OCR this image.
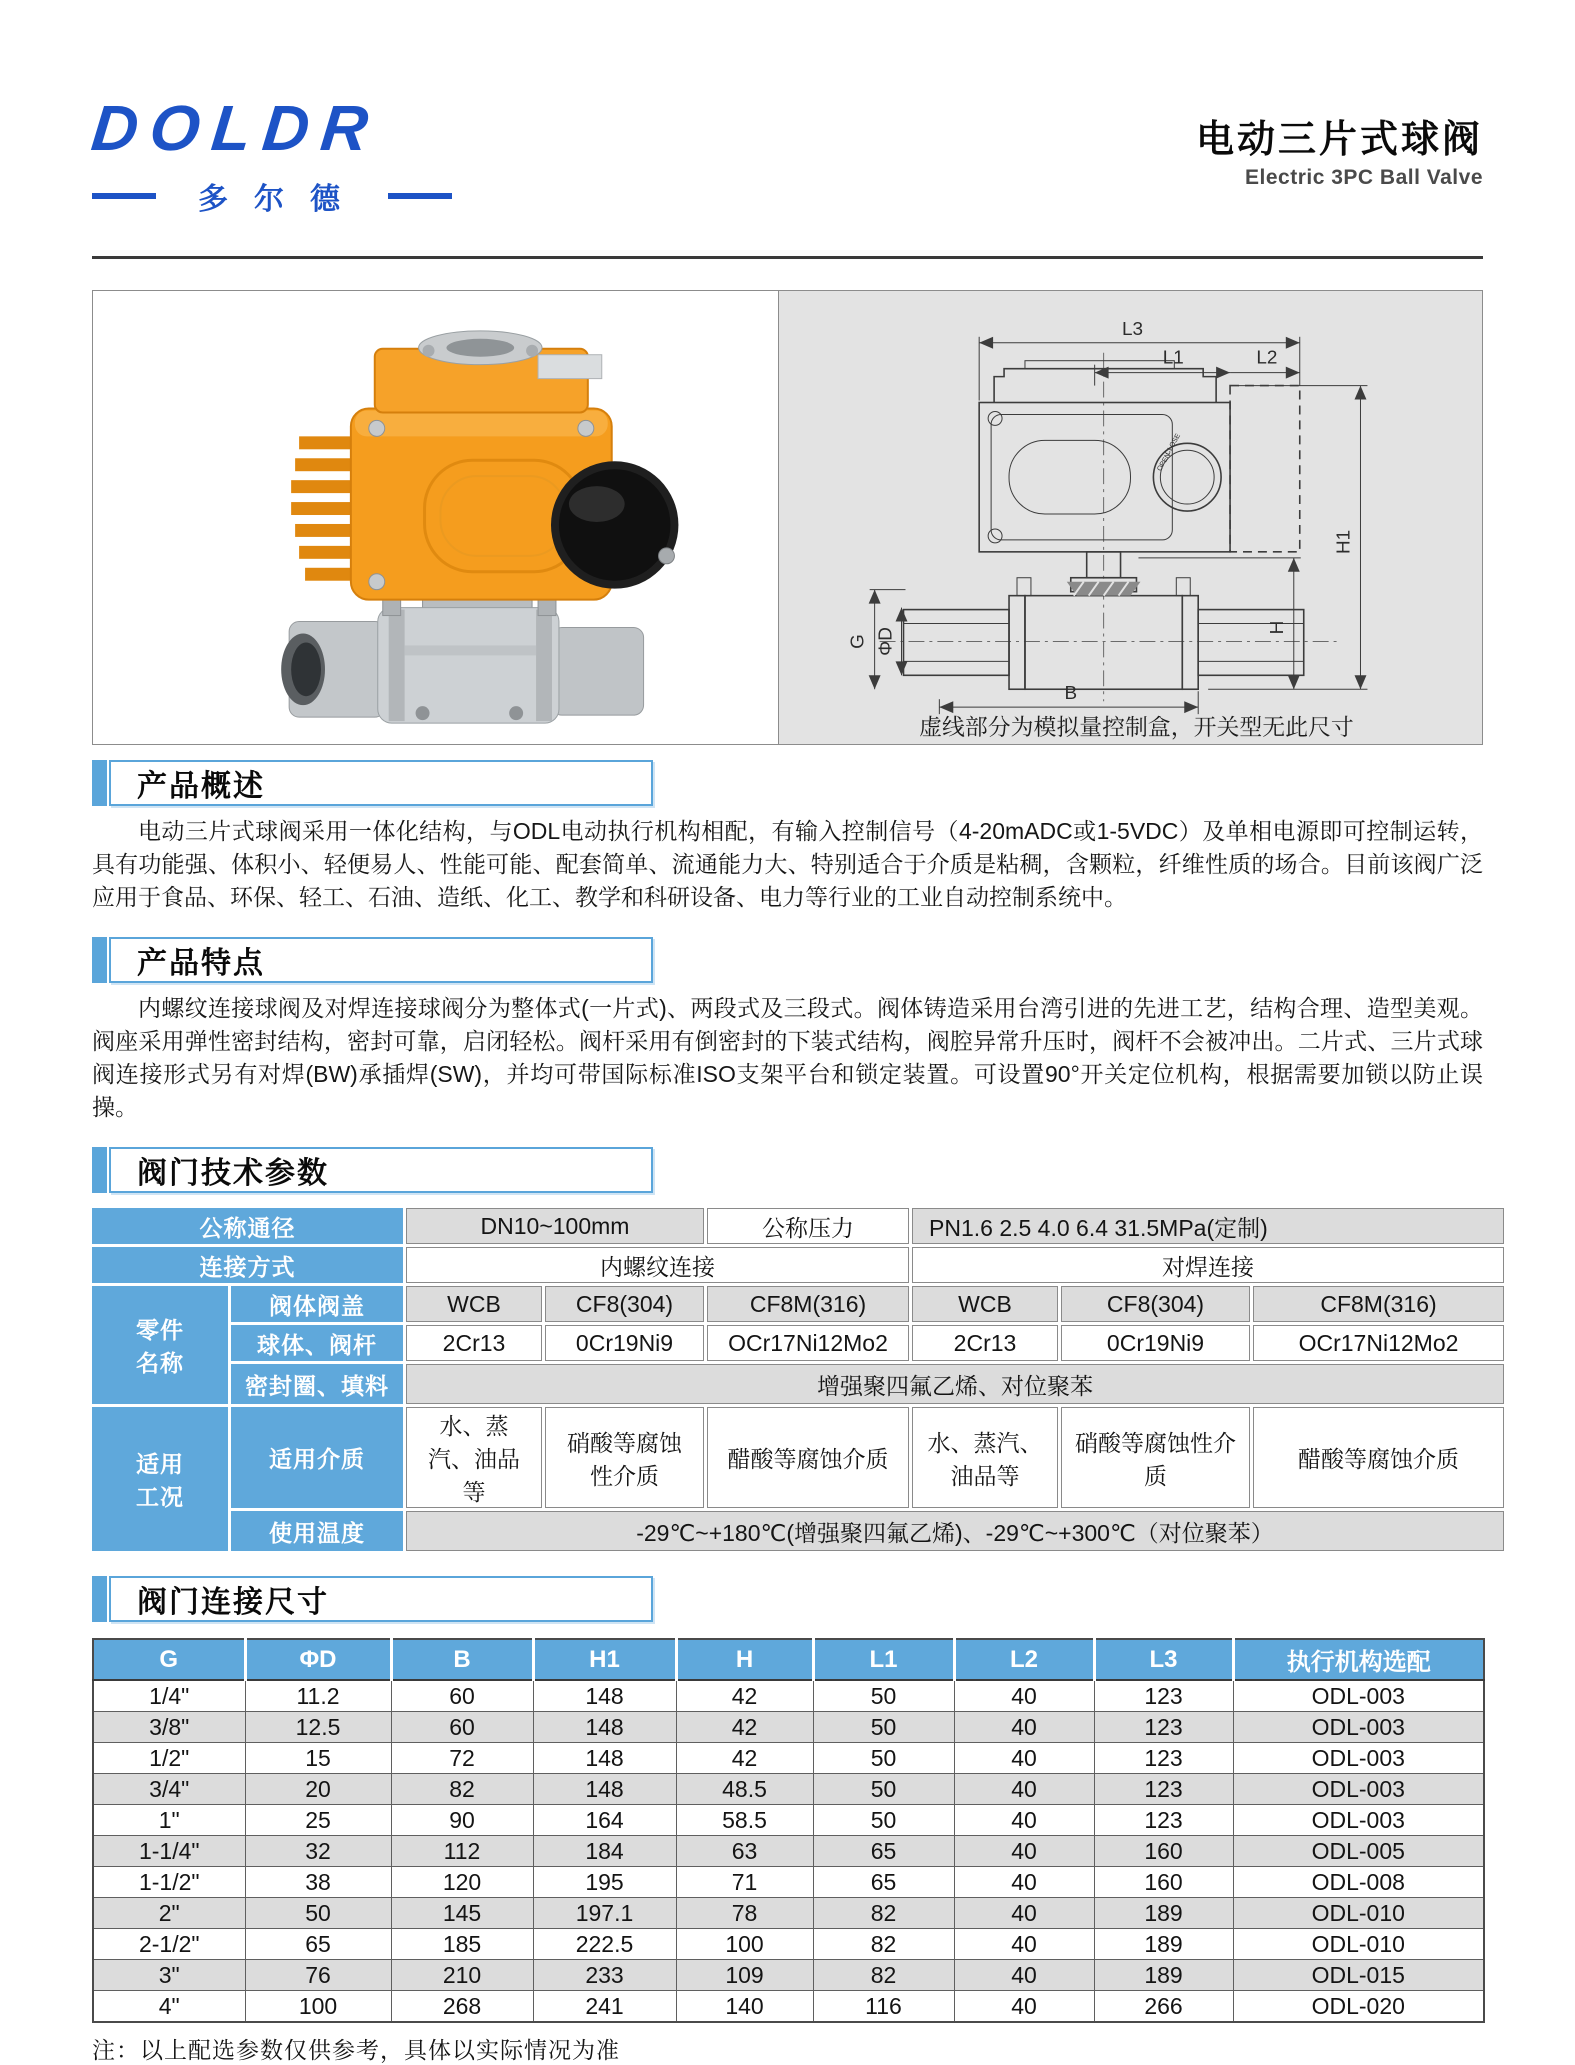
DOLDR
多尔德
电动三片式球阀
Electric 3PC Ball Valve
OPEN
CLOSE
L3
L1	L2
H1
H
G ΦD
B
虚线部分为模拟量控制盒，开关型无此尺寸
产品概述

电动三片式球阀采用一体化结构，与ODL电动执行机构相配，有输入控制信号（4-20mADC或1-5VDC）及单相电源即可控制运转，具有功能强、体积小、轻便易人、性能可能、配套简单、流通能力大、特别适合于介质是粘稠，含颗粒，纤维性质的场合。目前该阀广泛应用于食品、环保、轻工、石油、造纸、化工、教学和科研设备、电力等行业的工业自动控制系统中。

产品特点

内螺纹连接球阀及对焊连接球阀分为整体式(一片式)、两段式及三段式。阀体铸造采用台湾引进的先进工艺，结构合理、造型美观。阀座采用弹性密封结构，密封可靠，启闭轻松。阀杆采用有倒密封的下装式结构，阀腔异常升压时，阀杆不会被冲出。二片式、三片式球阀连接形式另有对焊(BW)承插焊(SW)，并均可带国际标准ISO支架平台和锁定装置。可设置90°开关定位机构，根据需要加锁以防止误操。

阀门技术参数
公称通径		DN10~100mm		公称压力	PN1.6 2.5 4.0 6.4 31.5MPa(定制)		
连接方式		内螺纹连接			对焊连接		

零件
名称	阀体阀盖	WCB	CF8(304)	CF8M(316)	WCB	CF8(304)	CF8M(316)
	球体、阀杆	2Cr13	0Cr19Ni9	OCr17Ni12Mo2	2Cr13	0Cr19Ni9	OCr17Ni12Mo2
	密封圈、填料	增强聚四氟乙烯、对位聚苯					

适用
工况	适用介质	水、蒸汽、油品等	硝酸等腐蚀性介质	醋酸等腐蚀介质	水、蒸汽、油品等	硝酸等腐蚀性介质	醋酸等腐蚀介质
	使用温度	-29℃~+180℃(增强聚四氟乙烯)、-29℃~+300℃（对位聚苯）					
阀门连接尺寸
G	ΦD	B	H1	H	L1	L2	L3	执行机构选配
1/4"	11.2	60	148	42	50	40	123	ODL-003
3/8"	12.5	60	148	42	50	40	123	ODL-003
1/2"	15	72	148	42	50	40	123	ODL-003
3/4"	20	82	148	48.5	50	40	123	ODL-003
1"	25	90	164	58.5	50	40	123	ODL-003
1-1/4"	32	112	184	63	65	40	160	ODL-005
1-1/2"	38	120	195	71	65	40	160	ODL-008
2"	50	145	197.1	78	82	40	189	ODL-010
2-1/2"	65	185	222.5	100	82	40	189	ODL-010
3"	76	210	233	109	82	40	189	ODL-015
4"	100	268	241	140	116	40	266	ODL-020
注：以上配选参数仅供参考，具体以实际情况为准
